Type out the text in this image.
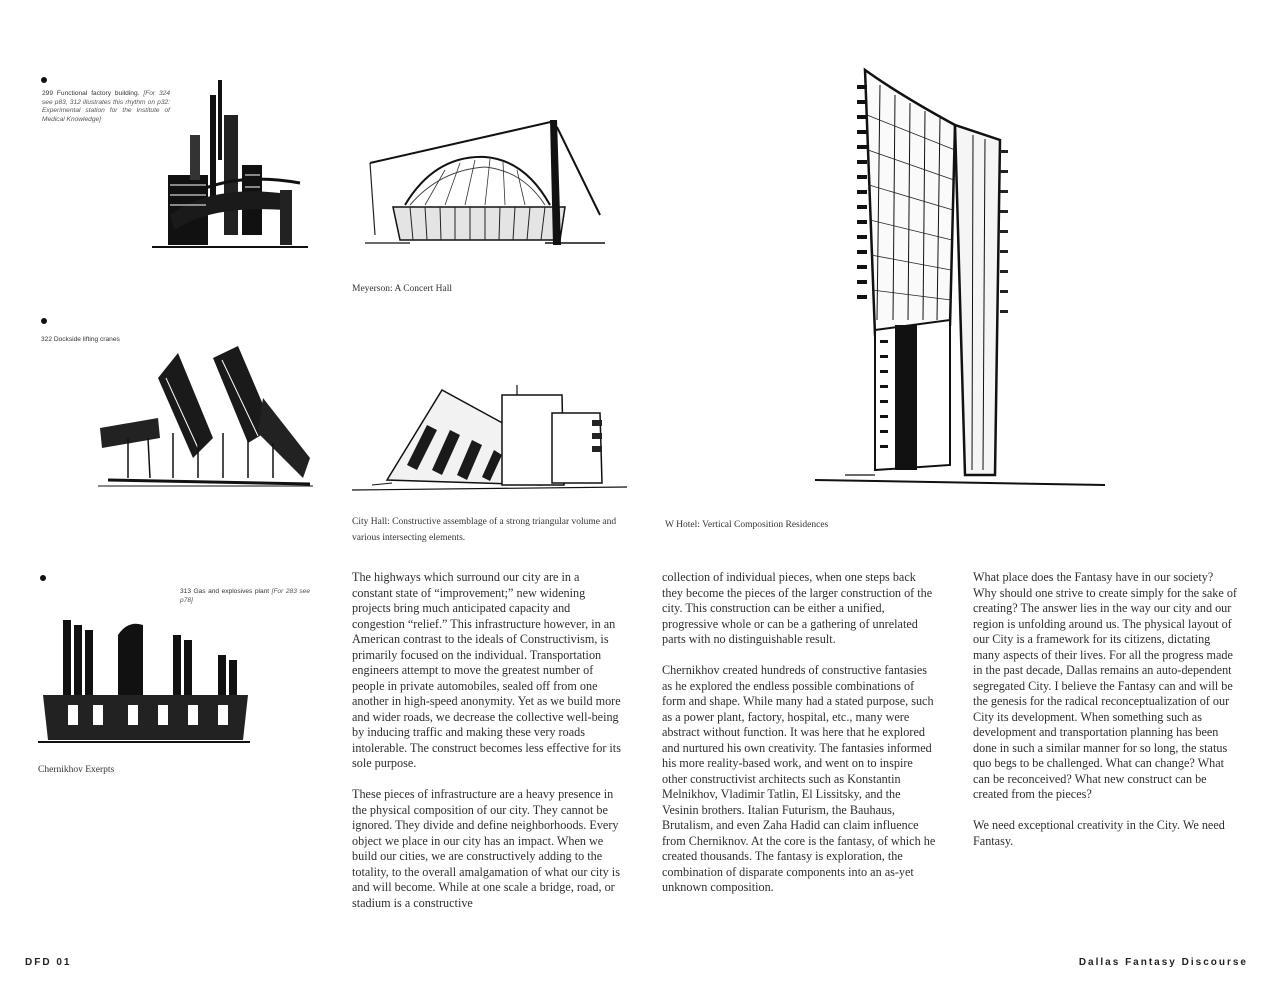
299 Functional factory building. [For 324 see p83, 312 illustrates this rhythm on p32: Experimental station for the Institute of Medical Knowledge]
Meyerson: A Concert Hall
322 Dockside lifting cranes
City Hall: Constructive assemblage of a strong triangular volume and various intersecting elements.
W Hotel: Vertical Composition Residences
313 Gas and explosives plant [For 283 see p78]
Chernikhov Exerpts

The highways which surround our city are in a constant state of “improvement;” new widening projects bring much anticipated capacity and congestion “relief.” This infrastructure however, in an American contrast to the ideals of Constructivism, is primarily focused on the individual. Transportation engineers attempt to move the greatest number of people in private automobiles, sealed off from one another in high-speed anonymity. Yet as we build more and wider roads, we decrease the collective well-being by inducing traffic and making these very roads intolerable. The construct becomes less effective for its sole purpose.

These pieces of infrastructure are a heavy presence in the physical composition of our city. They cannot be ignored. They divide and define neighborhoods. Every object we place in our city has an impact. When we build our cities, we are constructively adding to the totality, to the overall amalgamation of what our city is and will become. While at one scale a bridge, road, or stadium is a constructive

collection of individual pieces, when one steps back they become the pieces of the larger construction of the city. This construction can be either a unified, progressive whole or can be a gathering of unrelated parts with no distinguishable result.

Chernikhov created hundreds of constructive fantasies as he explored the endless possible combinations of form and shape. While many had a stated purpose, such as a power plant, factory, hospital, etc., many were abstract without function. It was here that he explored and nurtured his own creativity. The fantasies informed his more reality-based work, and went on to inspire other constructivist architects such as Konstantin Melnikhov, Vladimir Tatlin, El Lissitsky, and the Vesinin brothers. Italian Futurism, the Bauhaus, Brutalism, and even Zaha Hadid can claim influence from Cherniknov. At the core is the fantasy, of which he created thousands. The fantasy is exploration, the combination of disparate components into an as-yet unknown composition.

What place does the Fantasy have in our society? Why should one strive to create simply for the sake of creating? The answer lies in the way our city and our region is unfolding around us. The physical layout of our City is a framework for its citizens, dictating many aspects of their lives. For all the progress made in the past decade, Dallas remains an auto-dependent segregated City. I believe the Fantasy can and will be the genesis for the radical reconceptualization of our City its development. When something such as development and transportation planning has been done in such a similar manner for so long, the status quo begs to be challenged. What can change? What can be reconceived? What new construct can be created from the pieces?

We need exceptional creativity in the City. We need Fantasy.

DFD 01	Dallas Fantasy Discourse
